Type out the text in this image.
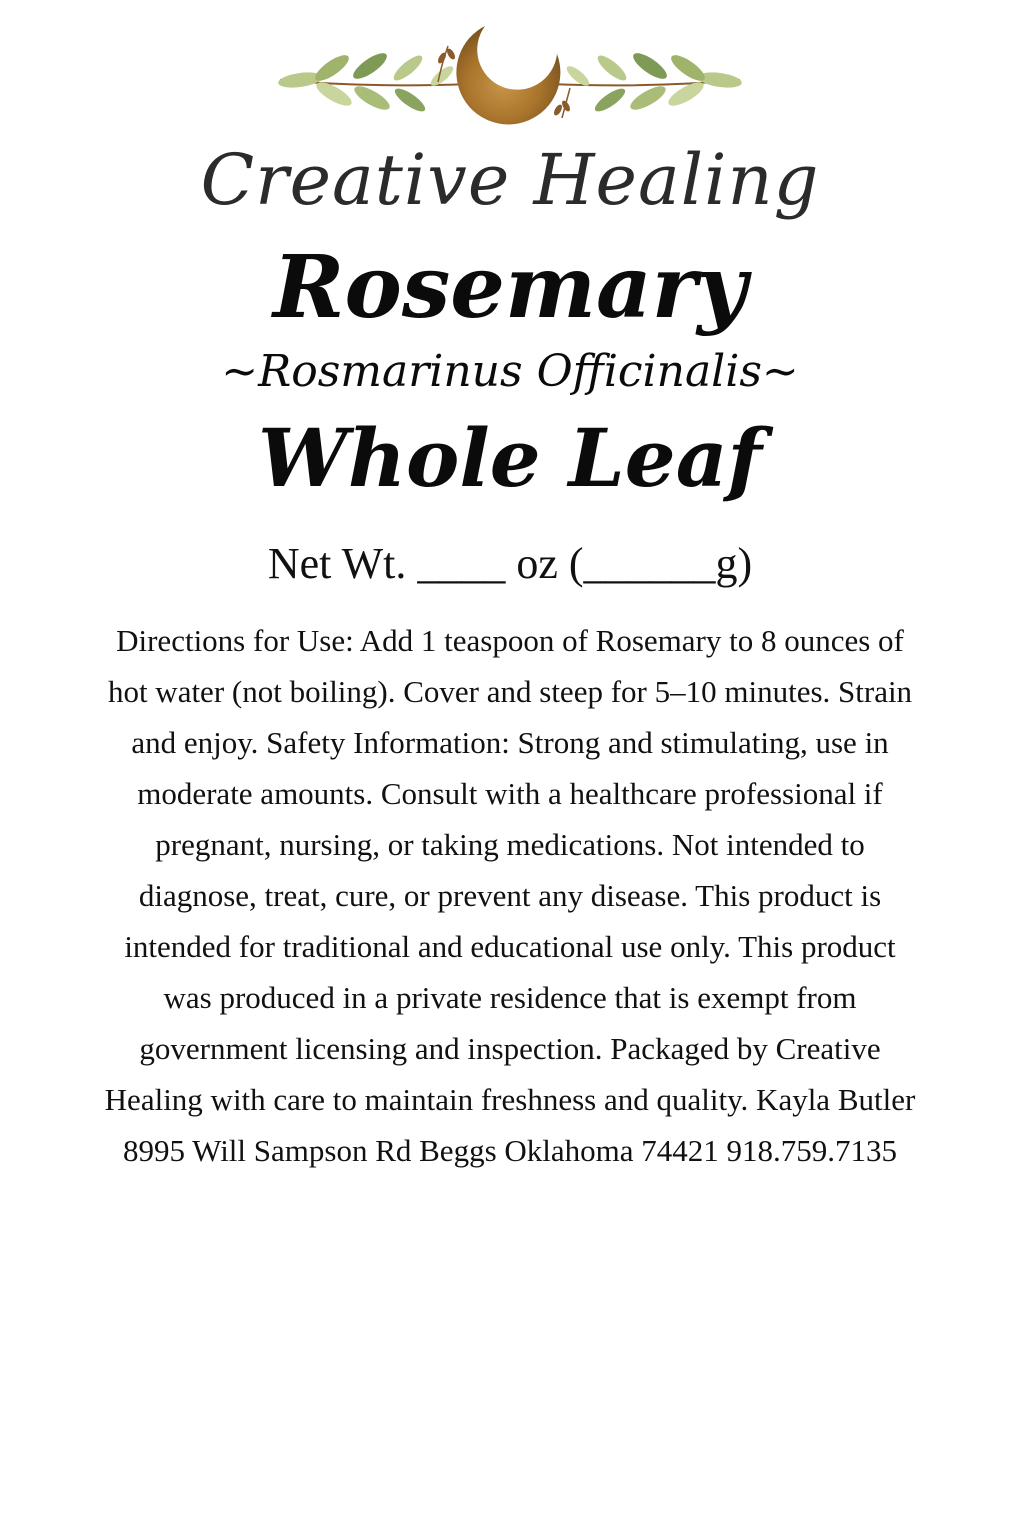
Creative Healing
Rosemary
~Rosmarinus Officinalis~
Whole Leaf
Net Wt. ____ oz (______g)

Directions for Use: Add 1 teaspoon of Rosemary to 8 ounces of hot water (not boiling). Cover and steep for 5–10 minutes. Strain and enjoy. Safety Information: Strong and stimulating, use in moderate amounts. Consult with a healthcare professional if pregnant, nursing, or taking medications. Not intended to diagnose, treat, cure, or prevent any disease. This product is intended for traditional and educational use only. This product was produced in a private residence that is exempt from government licensing and inspection. Packaged by Creative Healing with care to maintain freshness and quality. Kayla Butler 8995 Will Sampson Rd Beggs Oklahoma 74421 918.759.7135
